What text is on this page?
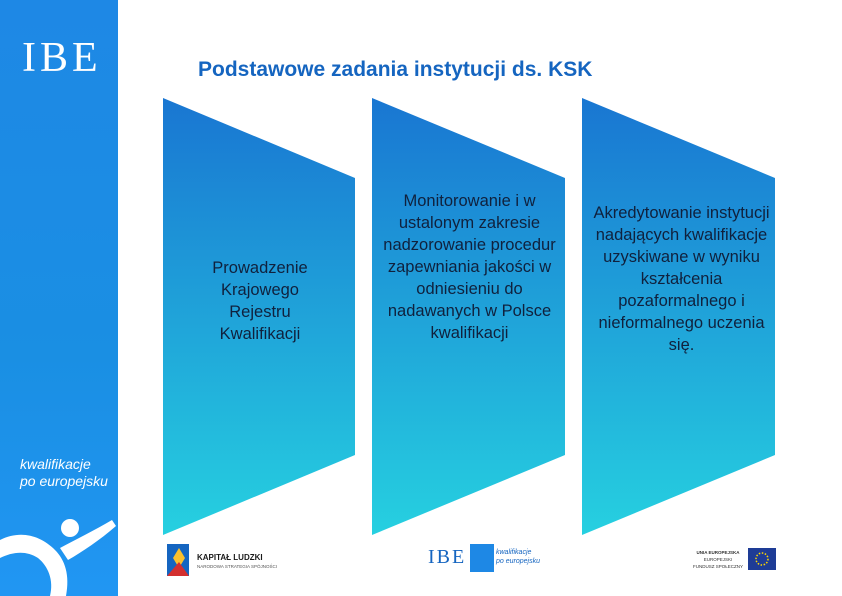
IBE
kwalifikacje
po europejsku
Podstawowe zadania instytucji ds. KSK
Prowadzenie Krajowego Rejestru Kwalifikacji
Monitorowanie i w ustalonym zakresie nadzorowanie procedur zapewniania jakości w odniesieniu do nadawanych w Polsce kwalifikacji
Akredytowanie instytucji nadających kwalifikacje uzyskiwane w wyniku kształcenia pozaformalnego i nieformalnego uczenia się.
KAPITAŁ LUDZKI
NARODOWA STRATEGIA SPÓJNOŚCI	IBE	kwalifikacje
po europejsku
UNIA EUROPEJSKA
EUROPEJSKI
FUNDUSZ SPOŁECZNY
